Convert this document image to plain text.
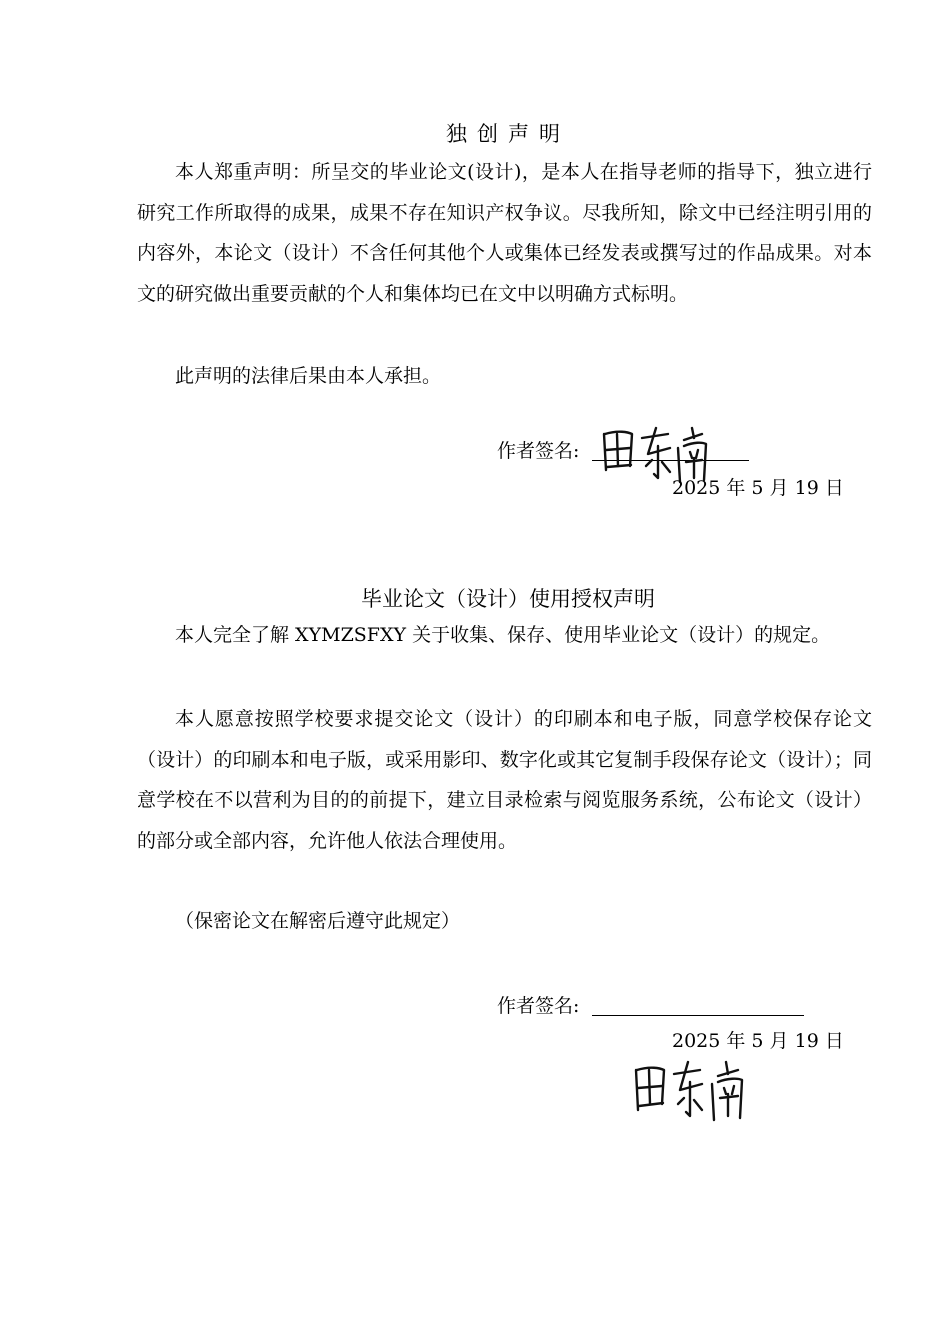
独创声明

本人郑重声明：所呈交的毕业论文(设计)，是本人在指导老师的指导下，独立进行研究工作所取得的成果，成果不存在知识产权争议。尽我所知，除文中已经注明引用的内容外，本论文（设计）不含任何其他个人或集体已经发表或撰写过的作品成果。对本文的研究做出重要贡献的个人和集体均已在文中以明确方式标明。

此声明的法律后果由本人承担。

作者签名:
2025 年 5 月 19 日
毕业论文（设计）使用授权声明

本人完全了解 XYMZSFXY 关于收集、保存、使用毕业论文（设计）的规定。

本人愿意按照学校要求提交论文（设计）的印刷本和电子版，同意学校保存论文（设计）的印刷本和电子版，或采用影印、数字化或其它复制手段保存论文（设计）；同意学校在不以营利为目的的前提下，建立目录检索与阅览服务系统，公布论文（设计）的部分或全部内容，允许他人依法合理使用。

（保密论文在解密后遵守此规定）

作者签名:
2025 年 5 月 19 日
